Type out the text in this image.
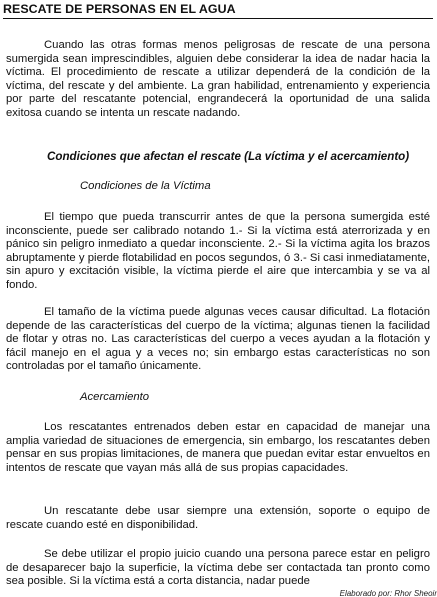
RESCATE DE PERSONAS EN EL AGUA

Cuando las otras formas menos peligrosas de rescate de una persona sumergida sean imprescindibles, alguien debe considerar la idea de nadar hacia la víctima. El procedimiento de rescate a utilizar dependerá de la condición de la víctima, del rescate y del ambiente. La gran habilidad, entrenamiento y experiencia por parte del rescatante potencial, engrandecerá la oportunidad de una salida exitosa cuando se intenta un rescate nadando.

Condiciones que afectan el rescate (La víctima y el acercamiento)

Condiciones de la Víctima

El tiempo que pueda transcurrir antes de que la persona sumergida esté inconsciente, puede ser calibrado notando 1.- Si la víctima está aterrorizada y en pánico sin peligro inmediato a quedar inconsciente. 2.- Si la víctima agita los brazos abruptamente y pierde flotabilidad en pocos segundos, ó 3.- Si casi inmediatamente, sin apuro y excitación visible, la víctima pierde el aire que intercambia y se va al fondo.

El tamaño de la víctima puede algunas veces causar dificultad. La flotación depende de las características del cuerpo de la víctima; algunas tienen la facilidad de flotar y otras no. Las características del cuerpo a veces ayudan a la flotación y fácil manejo en el agua y a veces no; sin embargo estas características no son controladas por el tamaño únicamente.

Acercamiento

Los rescatantes entrenados deben estar en capacidad de manejar una amplia variedad de situaciones de emergencia, sin embargo, los rescatantes deben pensar en sus propias limitaciones, de manera que puedan evitar estar envueltos en intentos de rescate que vayan más allá de sus propias capacidades.

Un rescatante debe usar siempre una extensión, soporte o equipo de rescate cuando esté en disponibilidad.

Se debe utilizar el propio juicio cuando una persona parece estar en peligro de desaparecer bajo la superficie, la víctima debe ser contactada tan pronto como sea posible. Si la víctima está a corta distancia, nadar puede

Elaborado por: Rhor Sheoir
